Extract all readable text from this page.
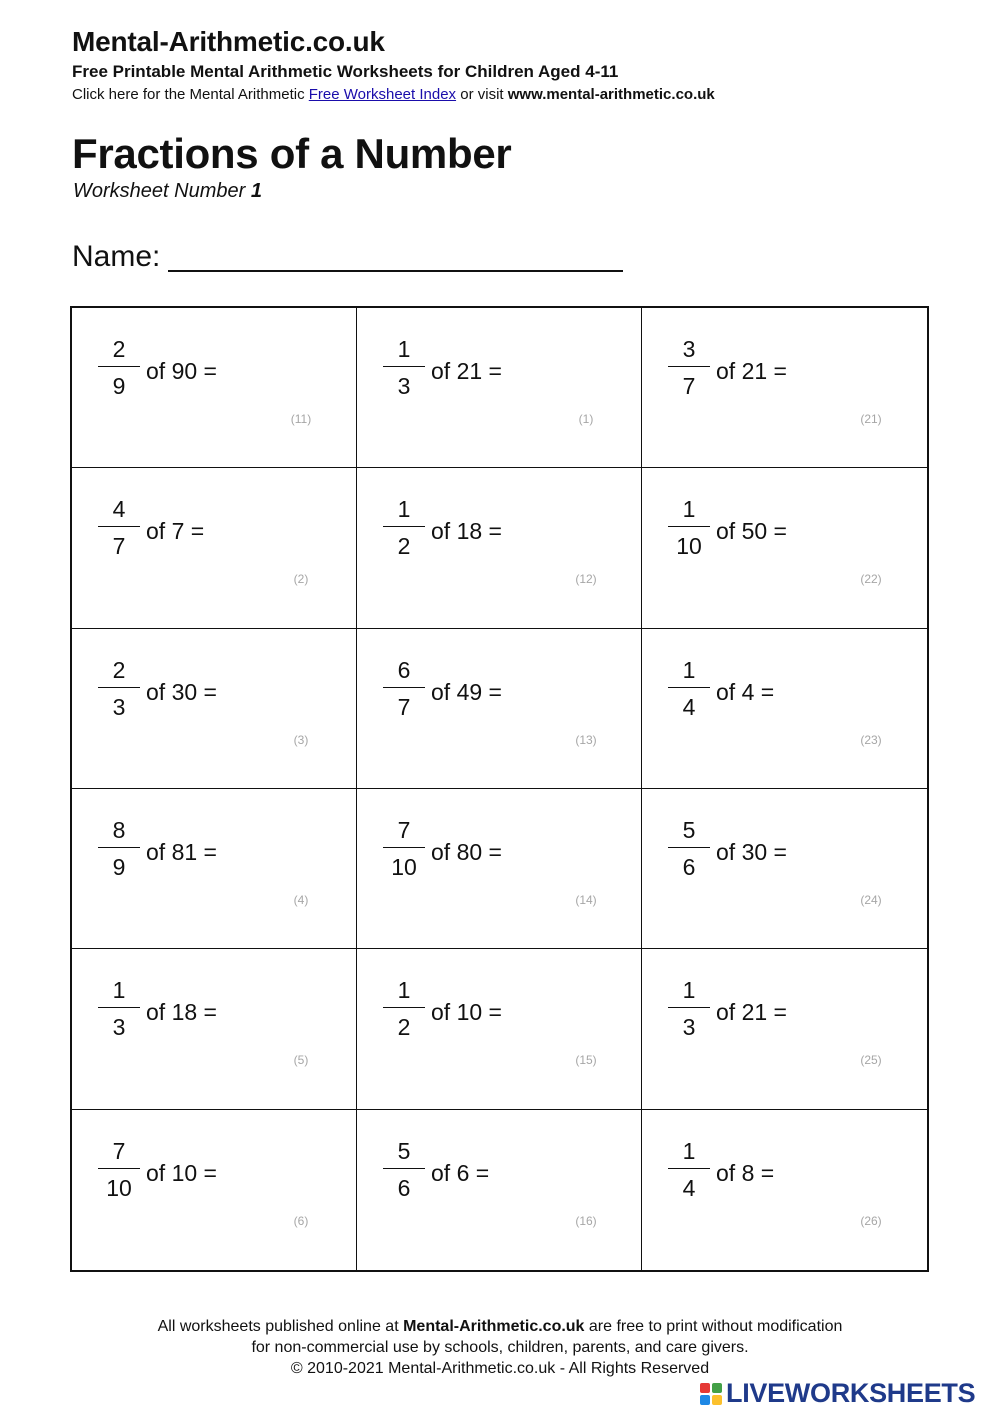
Mental-Arithmetic.co.uk
Free Printable Mental Arithmetic Worksheets for Children Aged 4-11
Click here for the Mental Arithmetic Free Worksheet Index or visit www.mental-arithmetic.co.uk
Fractions of a Number
Worksheet Number 1
Name:
2
9
of 90 =
(11)
1
3
of 21 =
(1)
3
7
of 21 =
(21)
4
7
of 7 =
(2)
1
2
of 18 =
(12)
1
10
of 50 =
(22)
2
3
of 30 =
(3)
6
7
of 49 =
(13)
1
4
of 4 =
(23)
8
9
of 81 =
(4)
7
10
of 80 =
(14)
5
6
of 30 =
(24)
1
3
of 18 =
(5)
1
2
of 10 =
(15)
1
3
of 21 =
(25)
7
10
of 10 =
(6)
5
6
of 6 =
(16)
1
4
of 8 =
(26)
All worksheets published online at Mental-Arithmetic.co.uk are free to print without modification
for non-commercial use by schools, children, parents, and care givers.
© 2010-2021 Mental-Arithmetic.co.uk - All Rights Reserved
LIVEWORKSHEETS
